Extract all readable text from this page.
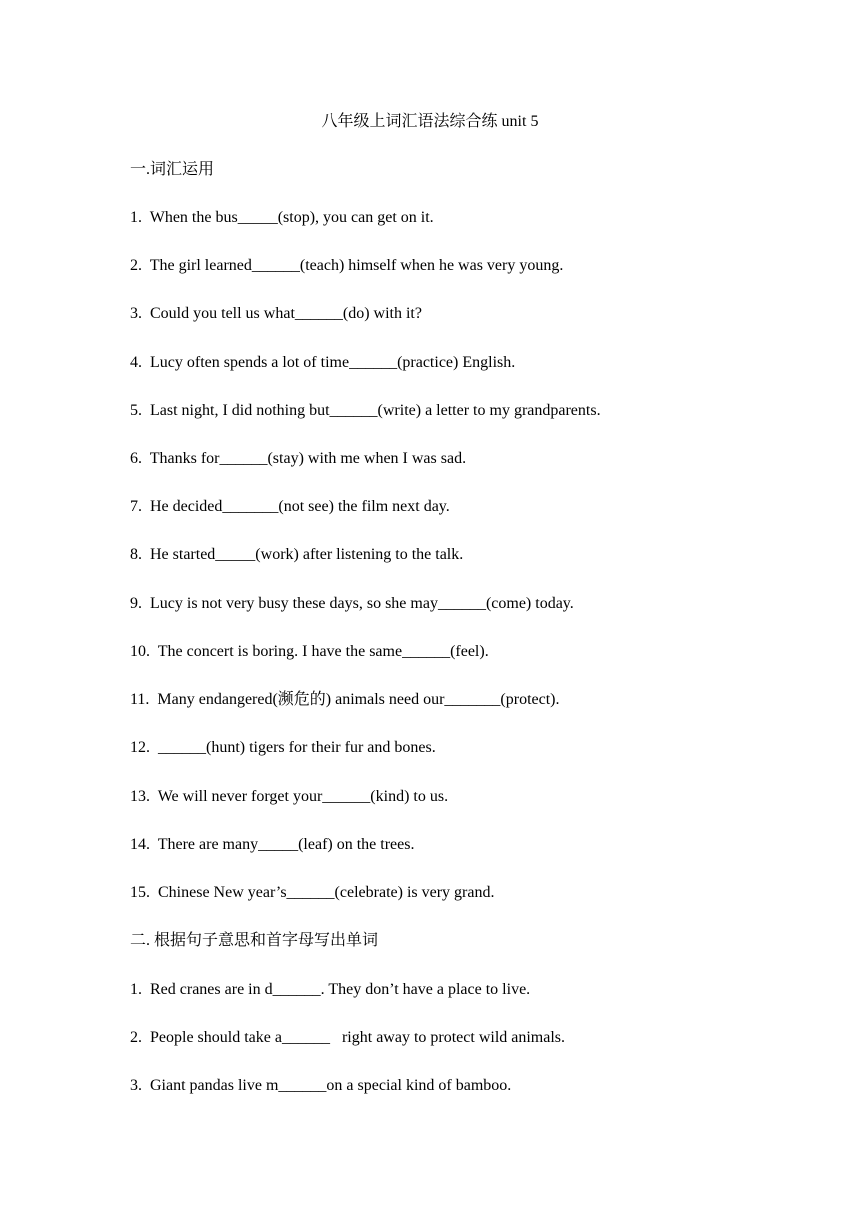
八年级上词汇语法综合练 unit 5
一.词汇运用
1.  When the bus_____(stop), you can get on it.
2.  The girl learned______(teach) himself when he was very young.
3.  Could you tell us what______(do) with it?
4.  Lucy often spends a lot of time______(practice) English.
5.  Last night, I did nothing but______(write) a letter to my grandparents.
6.  Thanks for______(stay) with me when I was sad.
7.  He decided_______(not see) the film next day.
8.  He started_____(work) after listening to the talk.
9.  Lucy is not very busy these days, so she may______(come) today.
10.  The concert is boring. I have the same______(feel).
11.  Many endangered(濒危的) animals need our_______(protect).
12.  ______(hunt) tigers for their fur and bones.
13.  We will never forget your______(kind) to us.
14.  There are many_____(leaf) on the trees.
15.  Chinese New year’s______(celebrate) is very grand.
二. 根据句子意思和首字母写出单词
1.  Red cranes are in d______. They don’t have a place to live.
2.  People should take a______   right away to protect wild animals.
3.  Giant pandas live m______on a special kind of bamboo.
